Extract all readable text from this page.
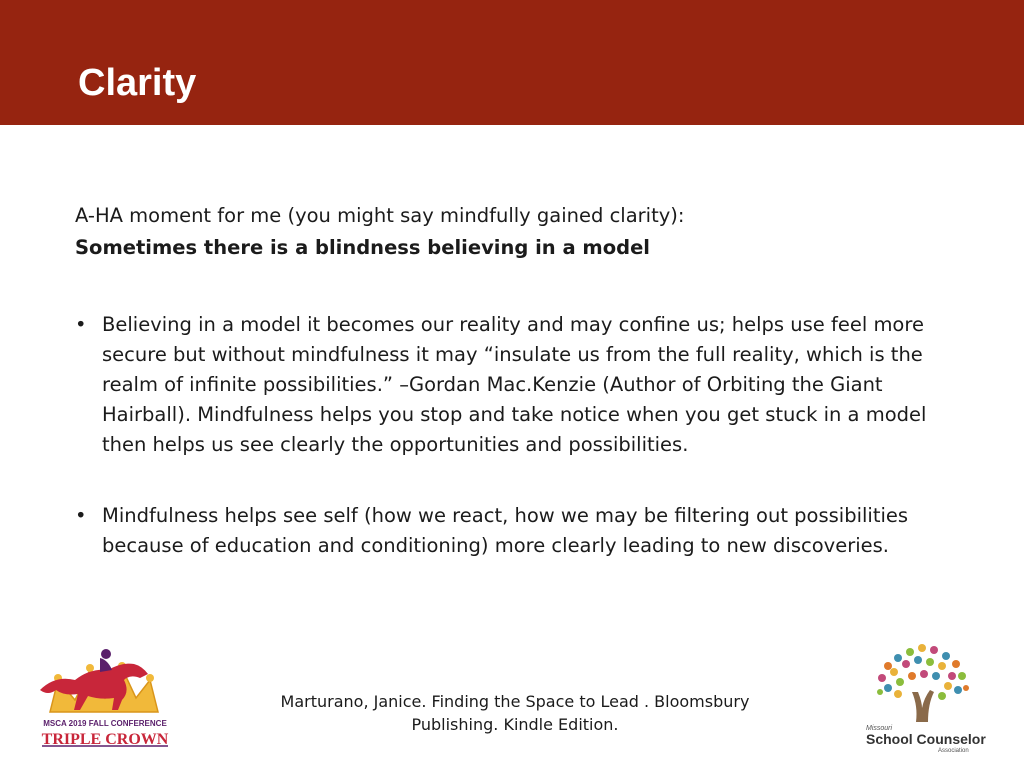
Clarity
A-HA moment for me (you might say mindfully gained clarity):
Sometimes there is a blindness believing in a model
• Believing in a model it becomes our reality and may confine us; helps use feel more secure but without mindfulness it may “insulate us from the full reality, which is the realm of infinite possibilities.” –Gordan Mac.Kenzie (Author of Orbiting the Giant Hairball). Mindfulness helps you stop and take notice when you get stuck in a model then helps us see clearly the opportunities and possibilities.
• Mindfulness helps see self (how we react, how we may be filtering out possibilities because of education and conditioning) more clearly leading to new discoveries.
Marturano, Janice. Finding the Space to Lead . Bloomsbury
Publishing. Kindle Edition.
MSCA 2019 FALL CONFERENCE
TRIPLE CROWN
Missouri
School Counselor
Association
